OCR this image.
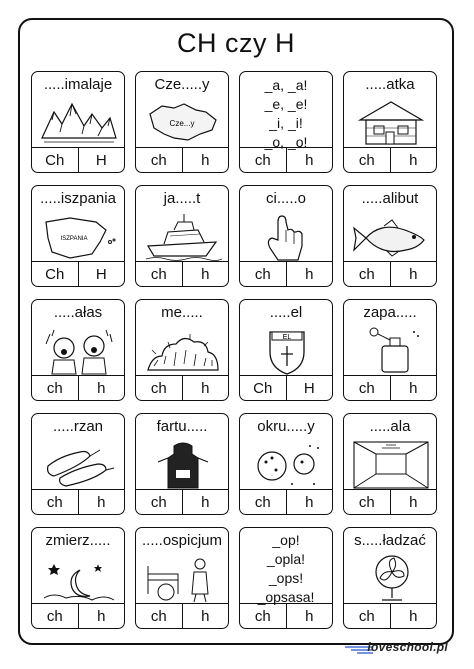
CH czy H
.....imalaje
Ch	H
Cze.....y
Cze...y
ch	h
_a, _a!
_e, _e!
_i, _i!
_o, _o!
ch	h
.....atka
ch	h
.....iszpania
ISZPANIA
Ch	H
ja.....t
ch	h
ci.....o
ch	h
.....alibut
ch	h
.....ałas
ch	h
me.....
ch	h
.....el
EL
Ch	H
zapa.....
ch	h
.....rzan
ch	h
fartu.....
ch	h
okru.....y
ch	h
.....ala
ch	h
zmierz.....
ch	h
.....ospicjum
ch	h
_op!
_opla!
_ops!
_opsasa!
ch	h
s.....ładzać
ch	h
loveschool.pl
